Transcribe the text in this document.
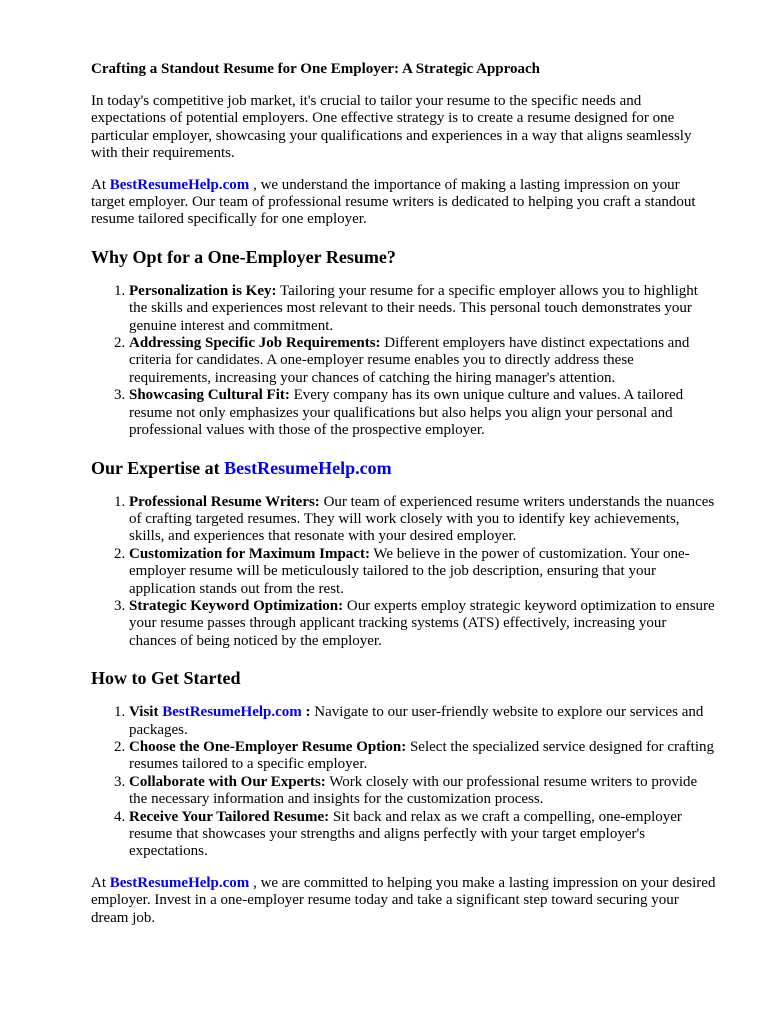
Crafting a Standout Resume for One Employer: A Strategic Approach

In today's competitive job market, it's crucial to tailor your resume to the specific needs and expectations of potential employers. One effective strategy is to create a resume designed for one particular employer, showcasing your qualifications and experiences in a way that aligns seamlessly with their requirements.

At BestResumeHelp.com , we understand the importance of making a lasting impression on your target employer. Our team of professional resume writers is dedicated to helping you craft a standout resume tailored specifically for one employer.

Why Opt for a One-Employer Resume?
1. Personalization is Key: Tailoring your resume for a specific employer allows you to highlight the skills and experiences most relevant to their needs. This personal touch demonstrates your genuine interest and commitment.
2. Addressing Specific Job Requirements: Different employers have distinct expectations and criteria for candidates. A one-employer resume enables you to directly address these requirements, increasing your chances of catching the hiring manager's attention.
3. Showcasing Cultural Fit: Every company has its own unique culture and values. A tailored resume not only emphasizes your qualifications but also helps you align your personal and professional values with those of the prospective employer.
Our Expertise at BestResumeHelp.com
1. Professional Resume Writers: Our team of experienced resume writers understands the nuances of crafting targeted resumes. They will work closely with you to identify key achievements, skills, and experiences that resonate with your desired employer.
2. Customization for Maximum Impact: We believe in the power of customization. Your one-employer resume will be meticulously tailored to the job description, ensuring that your application stands out from the rest.
3. Strategic Keyword Optimization: Our experts employ strategic keyword optimization to ensure your resume passes through applicant tracking systems (ATS) effectively, increasing your chances of being noticed by the employer.
How to Get Started
1. Visit BestResumeHelp.com : Navigate to our user-friendly website to explore our services and packages.
2. Choose the One-Employer Resume Option: Select the specialized service designed for crafting resumes tailored to a specific employer.
3. Collaborate with Our Experts: Work closely with our professional resume writers to provide the necessary information and insights for the customization process.
4. Receive Your Tailored Resume: Sit back and relax as we craft a compelling, one-employer resume that showcases your strengths and aligns perfectly with your target employer's expectations.

At BestResumeHelp.com , we are committed to helping you make a lasting impression on your desired employer. Invest in a one-employer resume today and take a significant step toward securing your dream job.
